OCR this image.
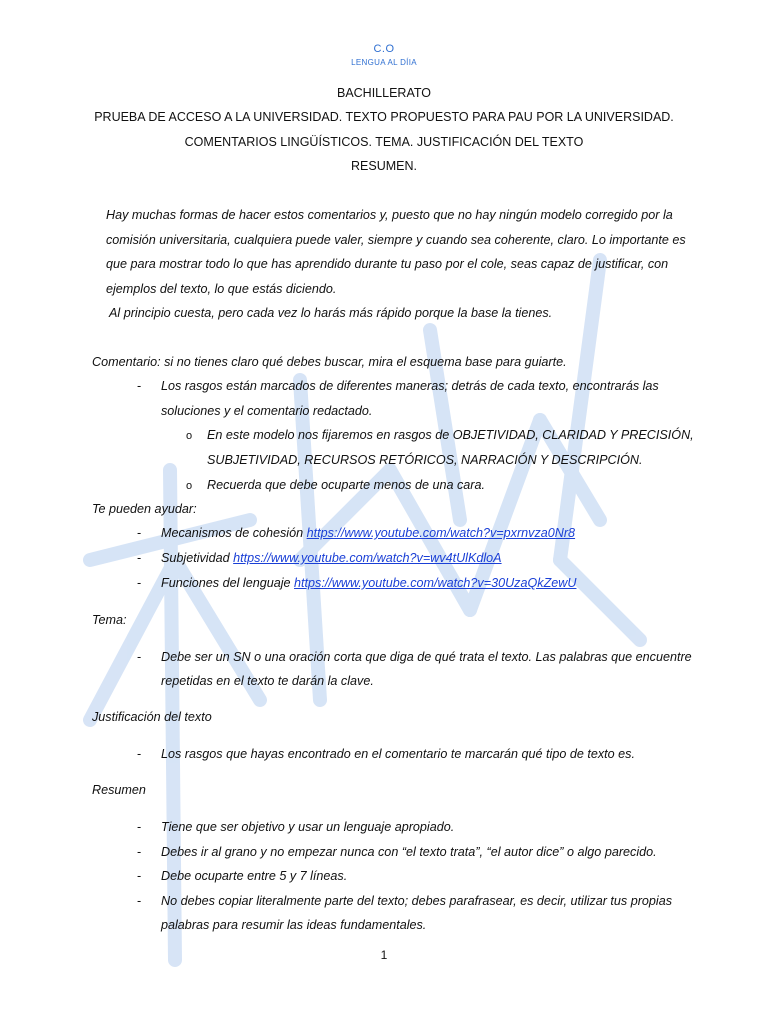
C.O
LENGUA AL DÍIA
BACHILLERATO
PRUEBA DE ACCESO A LA UNIVERSIDAD. TEXTO PROPUESTO PARA PAU POR LA UNIVERSIDAD.
COMENTARIOS LINGÜÍSTICOS. TEMA. JUSTIFICACIÓN DEL TEXTO
RESUMEN.
Hay muchas formas de hacer estos comentarios y, puesto que no hay ningún modelo corregido por la
comisión universitaria, cualquiera puede valer, siempre y cuando sea coherente, claro. Lo importante es
que para mostrar todo lo que has aprendido durante tu paso por el cole, seas capaz de justificar, con
ejemplos del texto, lo que estás diciendo.
Al principio cuesta, pero cada vez lo harás más rápido porque la base la tienes.
Comentario: si no tienes claro qué debes buscar, mira el esquema base para guiarte.
- Los rasgos están marcados de diferentes maneras; detrás de cada texto, encontrarás las
soluciones y el comentario redactado.
o En este modelo nos fijaremos en rasgos de OBJETIVIDAD, CLARIDAD Y PRECISIÓN,
SUBJETIVIDAD, RECURSOS RETÓRICOS, NARRACIÓN Y DESCRIPCIÓN.
o Recuerda que debe ocuparte menos de una cara.
Te pueden ayudar:
- Mecanismos de cohesión https://www.youtube.com/watch?v=pxrnvza0Nr8
- Subjetividad https://www.youtube.com/watch?v=wv4tUlKdloA
- Funciones del lenguaje https://www.youtube.com/watch?v=30UzaQkZewU
Tema:
- Debe ser un SN o una oración corta que diga de qué trata el texto. Las palabras que encuentre
repetidas en el texto te darán la clave.
Justificación del texto
- Los rasgos que hayas encontrado en el comentario te marcarán qué tipo de texto es.
Resumen
- Tiene que ser objetivo y usar un lenguaje apropiado.
- Debes ir al grano y no empezar nunca con “el texto trata”, “el autor dice” o algo parecido.
- Debe ocuparte entre 5 y 7 líneas.
- No debes copiar literalmente parte del texto; debes parafrasear, es decir, utilizar tus propias
palabras para resumir las ideas fundamentales.
1
